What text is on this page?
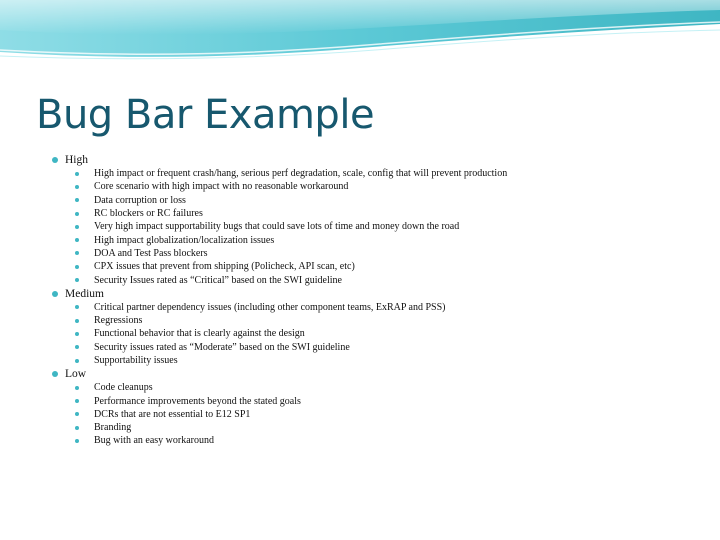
Bug Bar Example
High
High impact or frequent crash/hang, serious perf degradation, scale, config that will prevent production
Core scenario with high impact with no reasonable workaround
Data corruption or loss
RC blockers or RC failures
Very high impact supportability bugs that could save lots of time and money down the road
High impact globalization/localization issues
DOA and Test Pass blockers
CPX issues that prevent from shipping (Policheck, API scan, etc)
Security Issues rated as “Critical” based on the SWI guideline
Medium
Critical partner dependency issues (including other component teams, ExRAP and PSS)
Regressions
Functional behavior that is clearly against the design
Security issues rated as “Moderate” based on the SWI guideline
Supportability issues
Low
Code cleanups
Performance improvements beyond the stated goals
DCRs that are not essential to E12 SP1
Branding
Bug with an easy workaround
